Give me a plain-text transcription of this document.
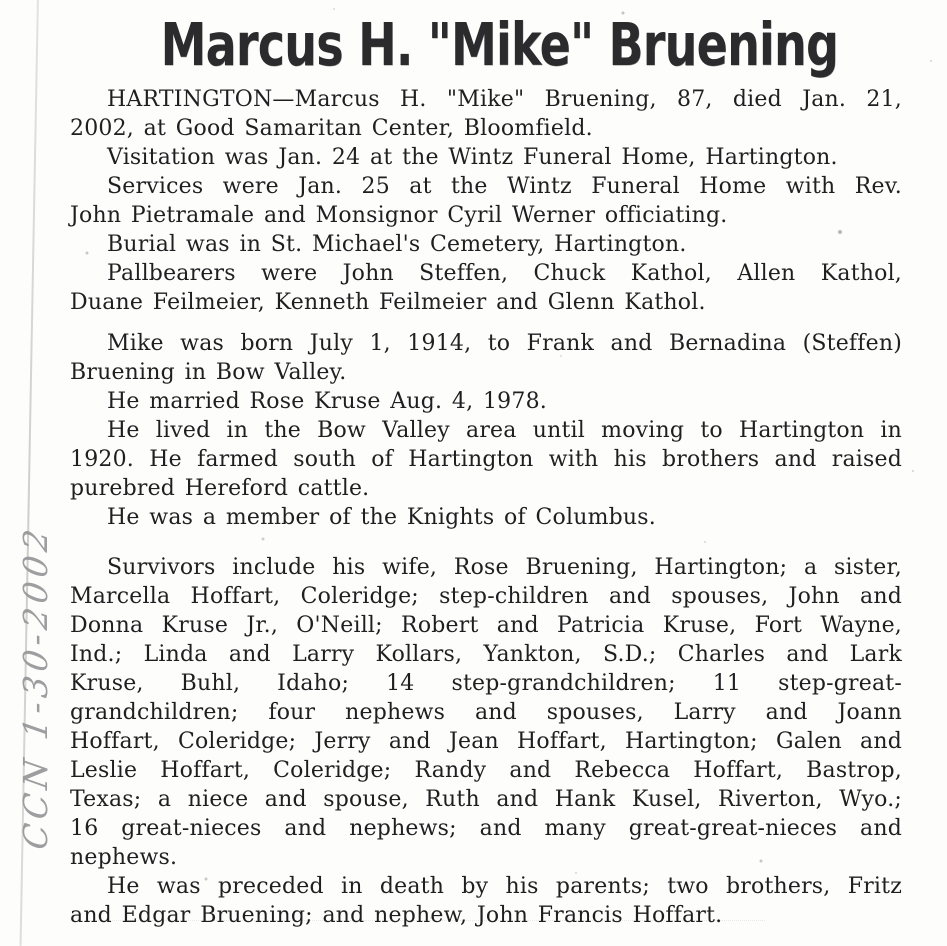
CCN 1-30-2002
Marcus H. "Mike" Bruening
HARTINGTON—Marcus H. "Mike" Bruening, 87, died Jan. 21,
2002, at Good Samaritan Center, Bloomfield.
Visitation was Jan. 24 at the Wintz Funeral Home, Hartington.
Services were Jan. 25 at the Wintz Funeral Home with Rev.
John Pietramale and Monsignor Cyril Werner officiating.
Burial was in St. Michael's Cemetery, Hartington.
Pallbearers were John Steffen, Chuck Kathol, Allen Kathol,
Duane Feilmeier, Kenneth Feilmeier and Glenn Kathol.
Mike was born July 1, 1914, to Frank and Bernadina (Steffen)
Bruening in Bow Valley.
He married Rose Kruse Aug. 4, 1978.
He lived in the Bow Valley area until moving to Hartington in
1920. He farmed south of Hartington with his brothers and raised
purebred Hereford cattle.
He was a member of the Knights of Columbus.
Survivors include his wife, Rose Bruening, Hartington; a sister,
Marcella Hoffart, Coleridge; step-children and spouses, John and
Donna Kruse Jr., O'Neill; Robert and Patricia Kruse, Fort Wayne,
Ind.; Linda and Larry Kollars, Yankton, S.D.; Charles and Lark
Kruse, Buhl, Idaho; 14 step-grandchildren; 11 step-great-
grandchildren; four nephews and spouses, Larry and Joann
Hoffart, Coleridge; Jerry and Jean Hoffart, Hartington; Galen and
Leslie Hoffart, Coleridge; Randy and Rebecca Hoffart, Bastrop,
Texas; a niece and spouse, Ruth and Hank Kusel, Riverton, Wyo.;
16 great-nieces and nephews; and many great-great-nieces and
nephews.
He was preceded in death by his parents; two brothers, Fritz
and Edgar Bruening; and nephew, John Francis Hoffart.
